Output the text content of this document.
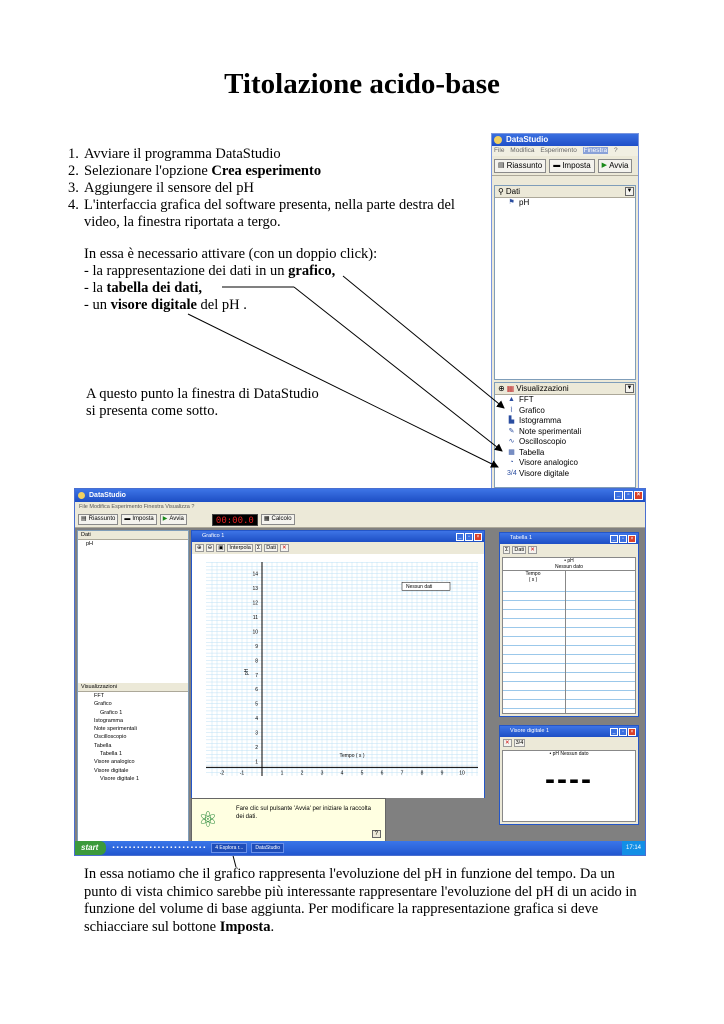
Titolazione acido-base
1. Avviare il programma DataStudio
2. Selezionare l'opzione Crea esperimento
3. Aggiungere il sensore del pH
4. L'interfaccia grafica del software presenta, nella parte destra del
video, la finestra riportata a tergo.

In essa è necessario attivare (con un doppio click):

- la rappresentazione dei dati in un grafico,

- la tabella dei dati,

- un visore digitale del pH .

A questo punto la finestra di DataStudio
si presenta come sotto.
DataStudio
File Modifica Esperimento Finestra ?
▤ Riassunto ▬ Imposta ▶ Avvia
⚲ Dati	▼
⚑ pH
⊕ ▦ Visualizzazioni	▼
▲ FFT
⌇ Grafico
▙ Istogramma
✎ Note sperimentali
∿ Oscilloscopio
▦ Tabella
◔ Visore analogico
3/4 Visore digitale
DataStudio	_	▫	×
File Modifica Esperimento Finestra Visualizza ?
▤ Riassunto ▬ Imposta ▶ Avvia	00:00.0	▦ Calcolo
Dati
pH
Visualizzazioni
FFT
Grafico
Grafico 1
Istogramma
Note sperimentali
Oscilloscopio
Tabella
Tabella 1
Visore analogico
Visore digitale
Visore digitale 1
Grafico 1	_	▫	×
⊕	⊖	▣	Interpola	Σ	Dati	✕
1
2
3
4
5
6
7
8
9
10
11
12
13
14
-2	-1	1	2	3	4	5	6	7	8	9	10
pH
Tempo ( s )
Nessun dati
Tabella 1	_	▫	×
Σ	Dati	✕
• pH
Nessun dato
Tempo
( s )
Visore digitale 1	_	▫	×
✕	3/4
• pH Nessun dato
----
⚛	Fare clic sul pulsante 'Avvia' per iniziare la raccolta dei dati.
?
start	▪▪▪▪▪▪▪▪▪▪▪▪▪▪▪▪▪▪▪▪▪▪▪	4 Esplora r...	DataStudio	17:14
In essa notiamo che il grafico rappresenta l'evoluzione del pH in funzione del tempo. Da un punto di vista chimico sarebbe più interessante rappresentare l'evoluzione del pH di un acido in funzione del volume di base aggiunta. Per modificare la rappresentazione grafica si deve schiacciare sul bottone Imposta.
